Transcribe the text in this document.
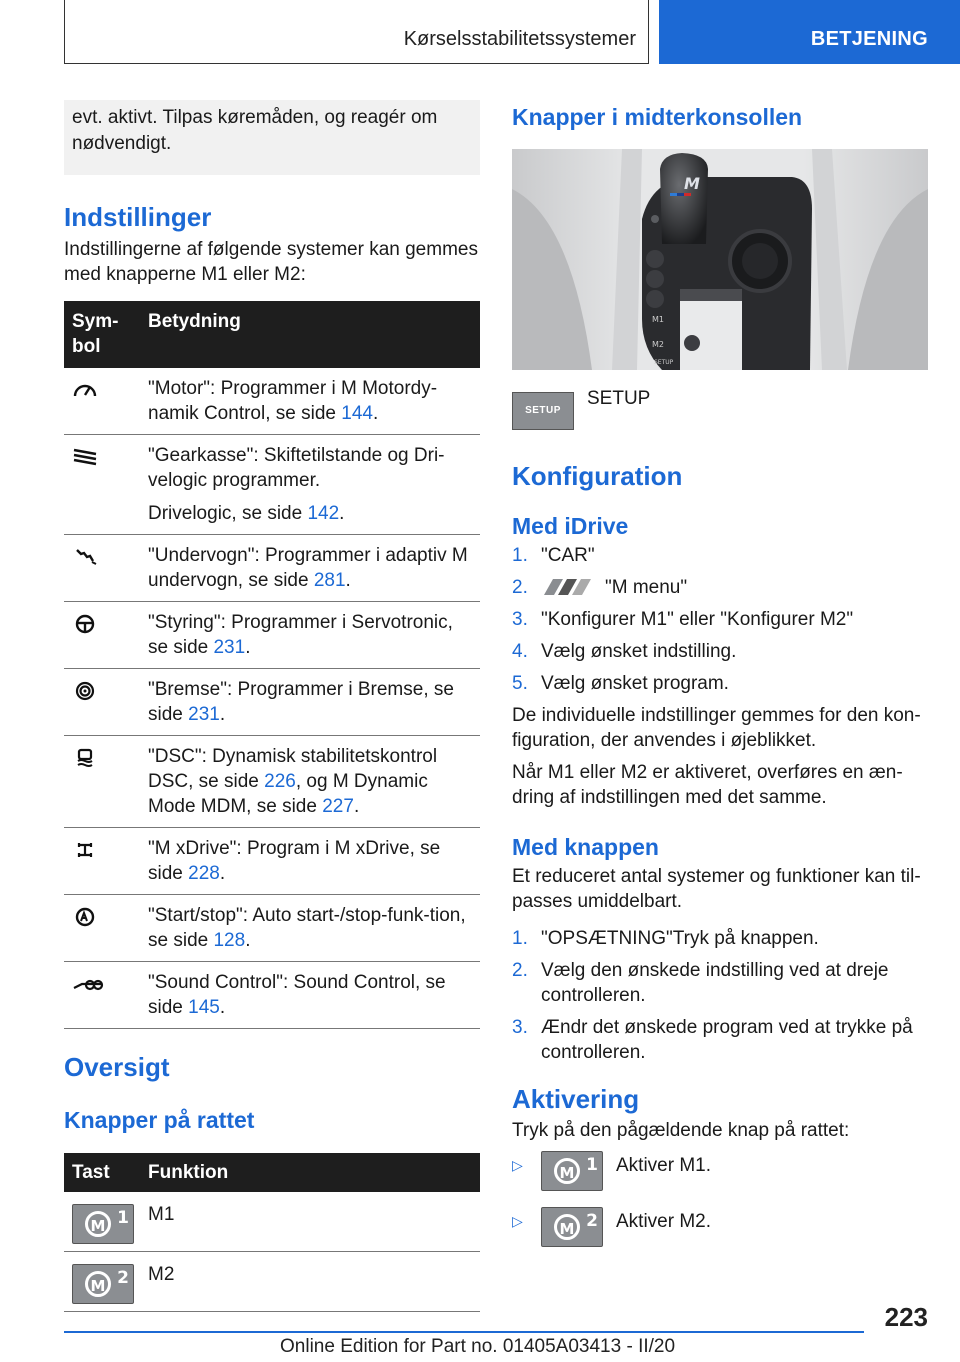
Kørselsstabilitetssystemer	BETJENING
evt. aktivt. Tilpas køremåden, og reagér om nødvendigt.
Indstillinger

Indstillingerne af følgende systemer kan gemmes med knapperne M1 eller M2:

Sym-bol	Betydning
	"Motor": Programmer i M Motordy-namik Control, se side 144.
	"Gearkasse": Skiftetilstande og Dri-velogic programmer.
Drivelogic, se side 142.

	"Undervogn": Programmer i adaptiv M undervogn, se side 281.
	"Styring": Programmer i Servotronic, se side 231.
	"Bremse": Programmer i Bremse, se side 231.
	"DSC": Dynamisk stabilitetskontrol DSC, se side 226, og M Dynamic Mode MDM, se side 227.
	"M xDrive": Program i M xDrive, se side 228.
	"Start/stop": Auto start-/stop-funk-tion, se side 128.
	"Sound Control": Sound Control, se side 145.
Oversigt
Knapper på rattet
Tast	Funktion

M 1	M1

M 2	M2
Knapper i midterkonsollen
M
M1
M2
SETUP
SETUP
SETUP
Konfiguration
Med iDrive
1. "CAR"
2.	"M menu"
3. "Konfigurer M1" eller "Konfigurer M2"
4. Vælg ønsket indstilling.
5. Vælg ønsket program.

De individuelle indstillinger gemmes for den kon-figuration, der anvendes i øjeblikket.

Når M1 eller M2 er aktiveret, overføres en æn-dring af indstillingen med det samme.

Med knappen

Et reduceret antal systemer og funktioner kan til-passes umiddelbart.

1. "OPSÆTNING"Tryk på knappen.
2. Vælg den ønskede indstilling ved at dreje controlleren.
3. Ændr det ønskede program ved at trykke på controlleren.
Aktivering

Tryk på den pågældende knap på rattet:

▷	M 1 Aktiver M1.
▷	M 2 Aktiver M2.
223
Online Edition for Part no. 01405A03413 - II/20
